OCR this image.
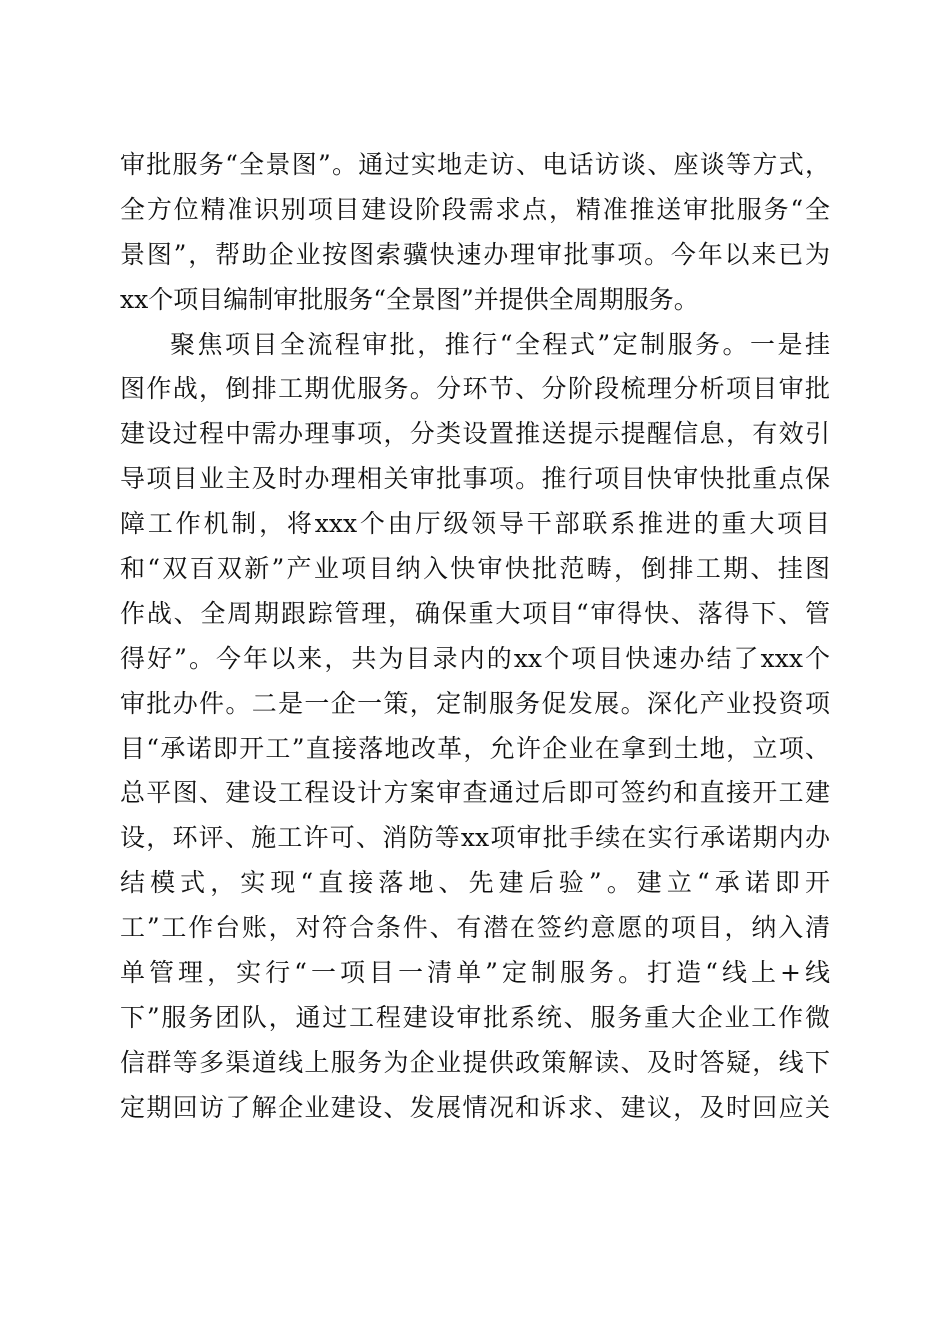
审批服务“全景图”。通过实地走访、电话访谈、座谈等方式，
全方位精准识别项目建设阶段需求点，精准推送审批服务“全
景图”，帮助企业按图索骥快速办理审批事项。今年以来已为
xx个项目编制审批服务“全景图”并提供全周期服务。
聚焦项目全流程审批，推行“全程式”定制服务。一是挂
图作战，倒排工期优服务。分环节、分阶段梳理分析项目审批
建设过程中需办理事项，分类设置推送提示提醒信息，有效引
导项目业主及时办理相关审批事项。推行项目快审快批重点保
障工作机制，将xxx个由厅级领导干部联系推进的重大项目
和“双百双新”产业项目纳入快审快批范畴，倒排工期、挂图
作战、全周期跟踪管理，确保重大项目“审得快、落得下、管
得好”。今年以来，共为目录内的xx个项目快速办结了xxx个
审批办件。二是一企一策，定制服务促发展。深化产业投资项
目“承诺即开工”直接落地改革，允许企业在拿到土地，立项、
总平图、建设工程设计方案审查通过后即可签约和直接开工建
设，环评、施工许可、消防等xx项审批手续在实行承诺期内办
结模式，实现“直接落地、先建后验”。建立“承诺即开
工”工作台账，对符合条件、有潜在签约意愿的项目，纳入清
单管理，实行“一项目一清单”定制服务。打造“线上+线
下”服务团队，通过工程建设审批系统、服务重大企业工作微
信群等多渠道线上服务为企业提供政策解读、及时答疑，线下
定期回访了解企业建设、发展情况和诉求、建议，及时回应关
